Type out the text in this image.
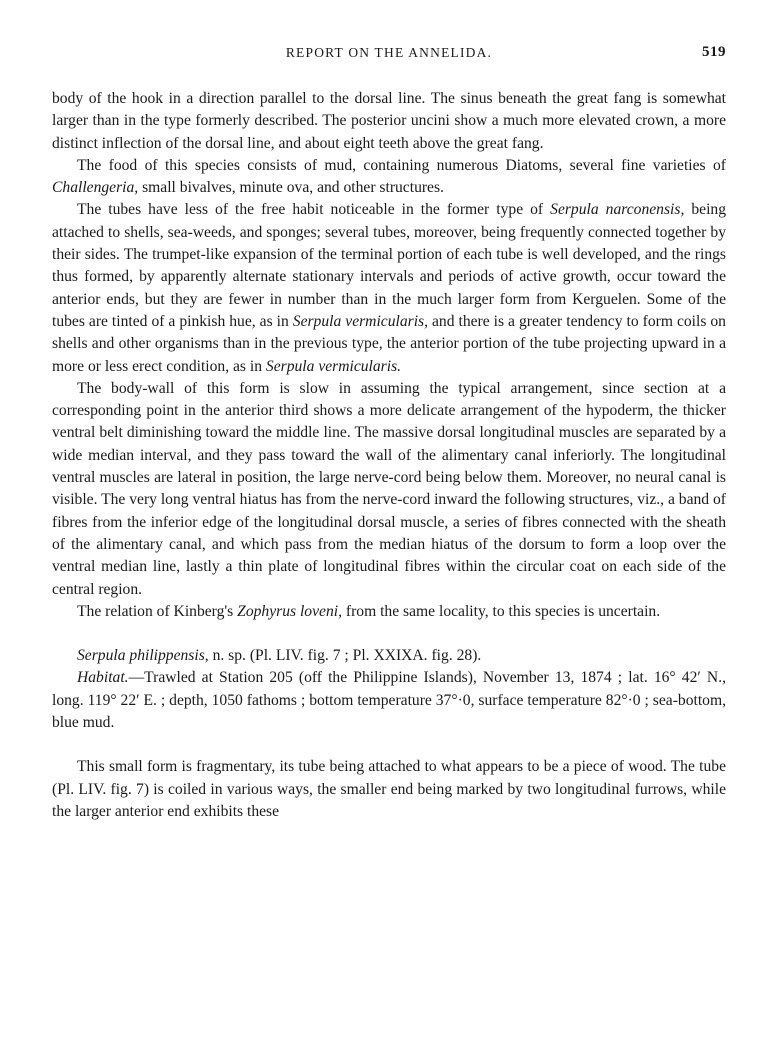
REPORT ON THE ANNELIDA.	519

body of the hook in a direction parallel to the dorsal line. The sinus beneath the great fang is somewhat larger than in the type formerly described. The posterior uncini show a much more elevated crown, a more distinct inflection of the dorsal line, and about eight teeth above the great fang.

The food of this species consists of mud, containing numerous Diatoms, several fine varieties of Challengeria, small bivalves, minute ova, and other structures.

The tubes have less of the free habit noticeable in the former type of Serpula narconensis, being attached to shells, sea-weeds, and sponges; several tubes, moreover, being frequently connected together by their sides. The trumpet-like expansion of the terminal portion of each tube is well developed, and the rings thus formed, by apparently alternate stationary intervals and periods of active growth, occur toward the anterior ends, but they are fewer in number than in the much larger form from Kerguelen. Some of the tubes are tinted of a pinkish hue, as in Serpula vermicularis, and there is a greater tendency to form coils on shells and other organisms than in the previous type, the anterior portion of the tube projecting upward in a more or less erect condition, as in Serpula vermicularis.

The body-wall of this form is slow in assuming the typical arrangement, since section at a corresponding point in the anterior third shows a more delicate arrangement of the hypoderm, the thicker ventral belt diminishing toward the middle line. The massive dorsal longitudinal muscles are separated by a wide median interval, and they pass toward the wall of the alimentary canal inferiorly. The longitudinal ventral muscles are lateral in position, the large nerve-cord being below them. Moreover, no neural canal is visible. The very long ventral hiatus has from the nerve-cord inward the following structures, viz., a band of fibres from the inferior edge of the longitudinal dorsal muscle, a series of fibres connected with the sheath of the alimentary canal, and which pass from the median hiatus of the dorsum to form a loop over the ventral median line, lastly a thin plate of longitudinal fibres within the circular coat on each side of the central region.

The relation of Kinberg's Zophyrus loveni, from the same locality, to this species is uncertain.

Serpula philippensis, n. sp. (Pl. LIV. fig. 7 ; Pl. XXIXA. fig. 28).

Habitat.—Trawled at Station 205 (off the Philippine Islands), November 13, 1874 ; lat. 16° 42′ N., long. 119° 22′ E. ; depth, 1050 fathoms ; bottom temperature 37°·0, surface temperature 82°·0 ; sea-bottom, blue mud.

This small form is fragmentary, its tube being attached to what appears to be a piece of wood. The tube (Pl. LIV. fig. 7) is coiled in various ways, the smaller end being marked by two longitudinal furrows, while the larger anterior end exhibits these
